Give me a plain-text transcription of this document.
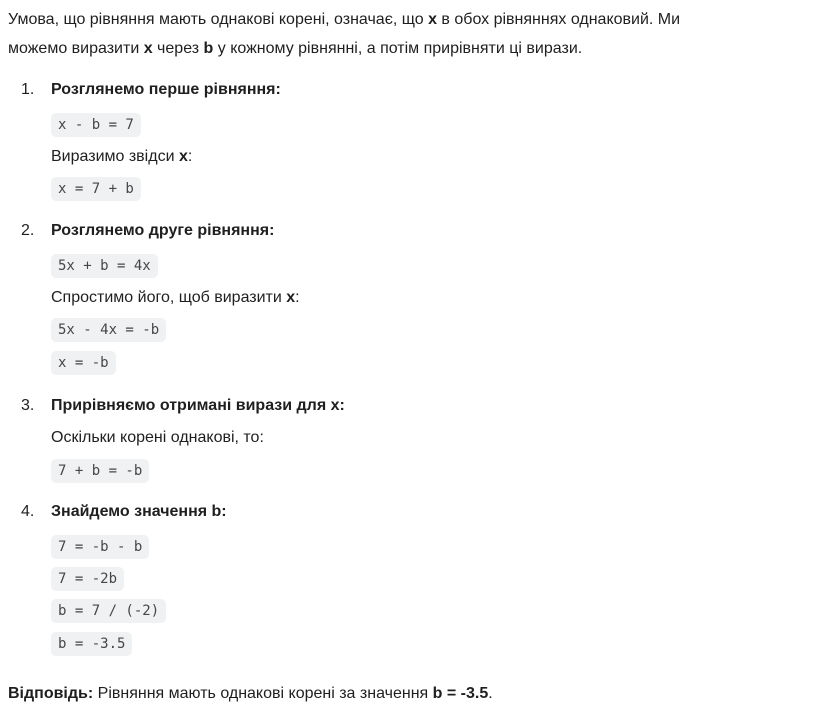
Умова, що рівняння мають однакові корені, означає, що x в обох рівняннях однаковий. Ми
можемо виразити x через b у кожному рівнянні, а потім прирівняти ці вирази.

1.	Розглянемо перше рівняння:
x - b = 7
Виразимо звідси x:
x = 7 + b
2.	Розглянемо друге рівняння:
5x + b = 4x
Спростимо його, щоб виразити x:
5x - 4x = -b
x = -b
3.	Прирівняємо отримані вирази для x:
Оскільки корені однакові, то:
7 + b = -b
4.	Знайдемо значення b:
7 = -b - b
7 = -2b
b = 7 / (-2)
b = -3.5
Відповідь: Рівняння мають однакові корені за значення b = -3.5.
